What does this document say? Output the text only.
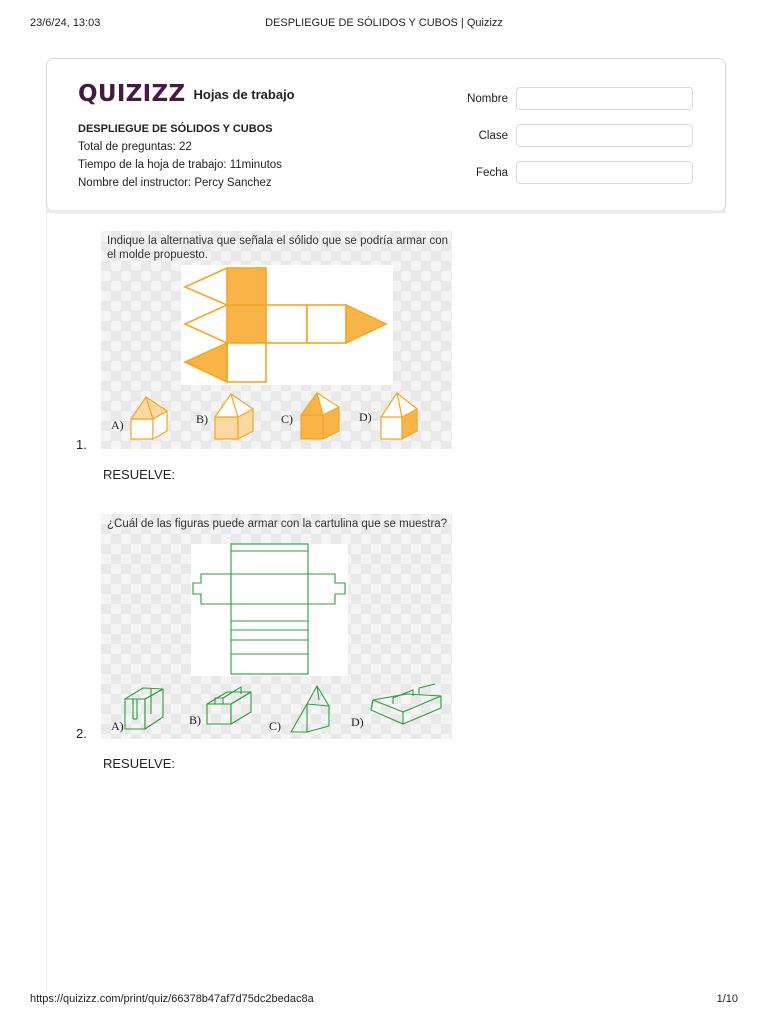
23/6/24, 13:03	DESPLIEGUE DE SÓLIDOS Y CUBOS | Quizizz
QUIZIZZ Hojas de trabajo
DESPLIEGUE DE SÓLIDOS Y CUBOS
Total de preguntas: 22
Tiempo de la hoja de trabajo: 11minutos
Nombre del instructor: Percy Sanchez
Nombre
Clase
Fecha
Indique la alternativa que señala el sólido que se podría armar con el molde propuesto.
A)	B)	C)	D)
1.
RESUELVE:
¿Cuál de las figuras puede armar con la cartulina que se muestra?
A)	B)	C)	D)
2.
RESUELVE:
https://quizizz.com/print/quiz/66378b47af7d75dc2bedac8a	1/10
